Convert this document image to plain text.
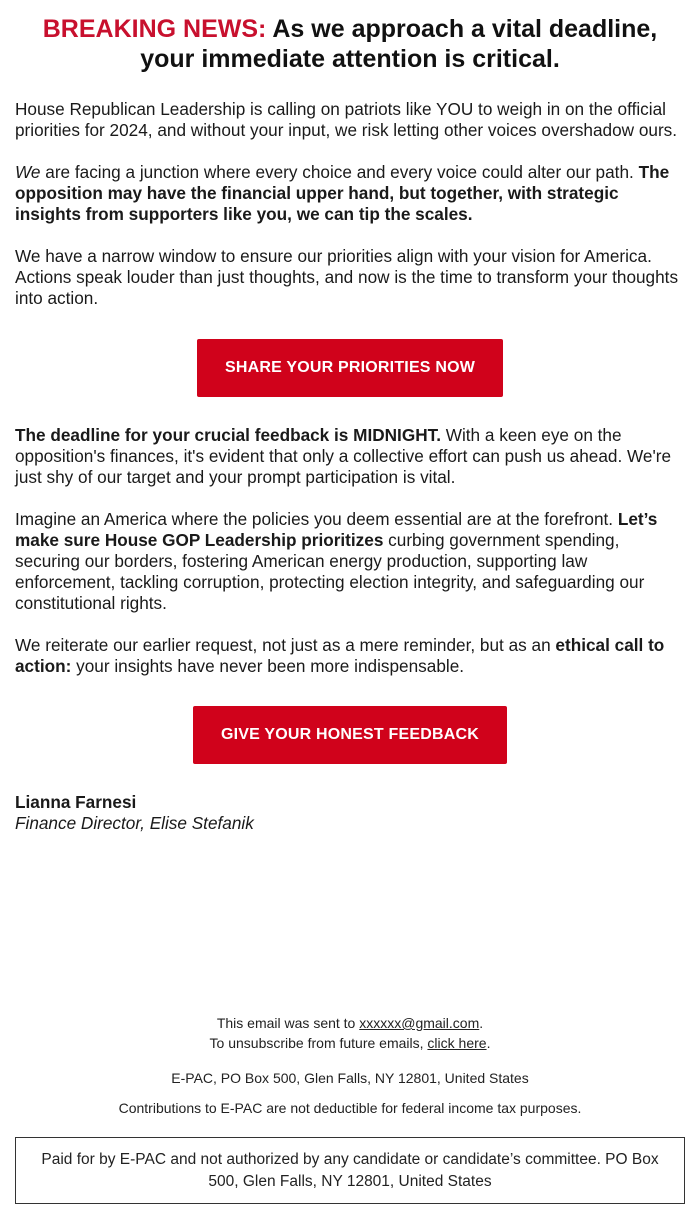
BREAKING NEWS: As we approach a vital deadline, your immediate attention is critical.

House Republican Leadership is calling on patriots like YOU to weigh in on the official priorities for 2024, and without your input, we risk letting other voices overshadow ours.

We are facing a junction where every choice and every voice could alter our path. The opposition may have the financial upper hand, but together, with strategic insights from supporters like you, we can tip the scales.

We have a narrow window to ensure our priorities align with your vision for America. Actions speak louder than just thoughts, and now is the time to transform your thoughts into action.

SHARE YOUR PRIORITIES NOW

The deadline for your crucial feedback is MIDNIGHT. With a keen eye on the opposition's finances, it's evident that only a collective effort can push us ahead. We're just shy of our target and your prompt participation is vital.

Imagine an America where the policies you deem essential are at the forefront. Let’s make sure House GOP Leadership prioritizes curbing government spending, securing our borders, fostering American energy production, supporting law enforcement, tackling corruption, protecting election integrity, and safeguarding our constitutional rights.

We reiterate our earlier request, not just as a mere reminder, but as an ethical call to action: your insights have never been more indispensable.

GIVE YOUR HONEST FEEDBACK
Lianna Farnesi
Finance Director, Elise Stefanik

This email was sent to xxxxxx@gmail.com.

To unsubscribe from future emails, click here.

E-PAC, PO Box 500, Glen Falls, NY 12801, United States

Contributions to E-PAC are not deductible for federal income tax purposes.

Paid for by E-PAC and not authorized by any candidate or candidate’s committee. PO Box 500, Glen Falls, NY 12801, United States
